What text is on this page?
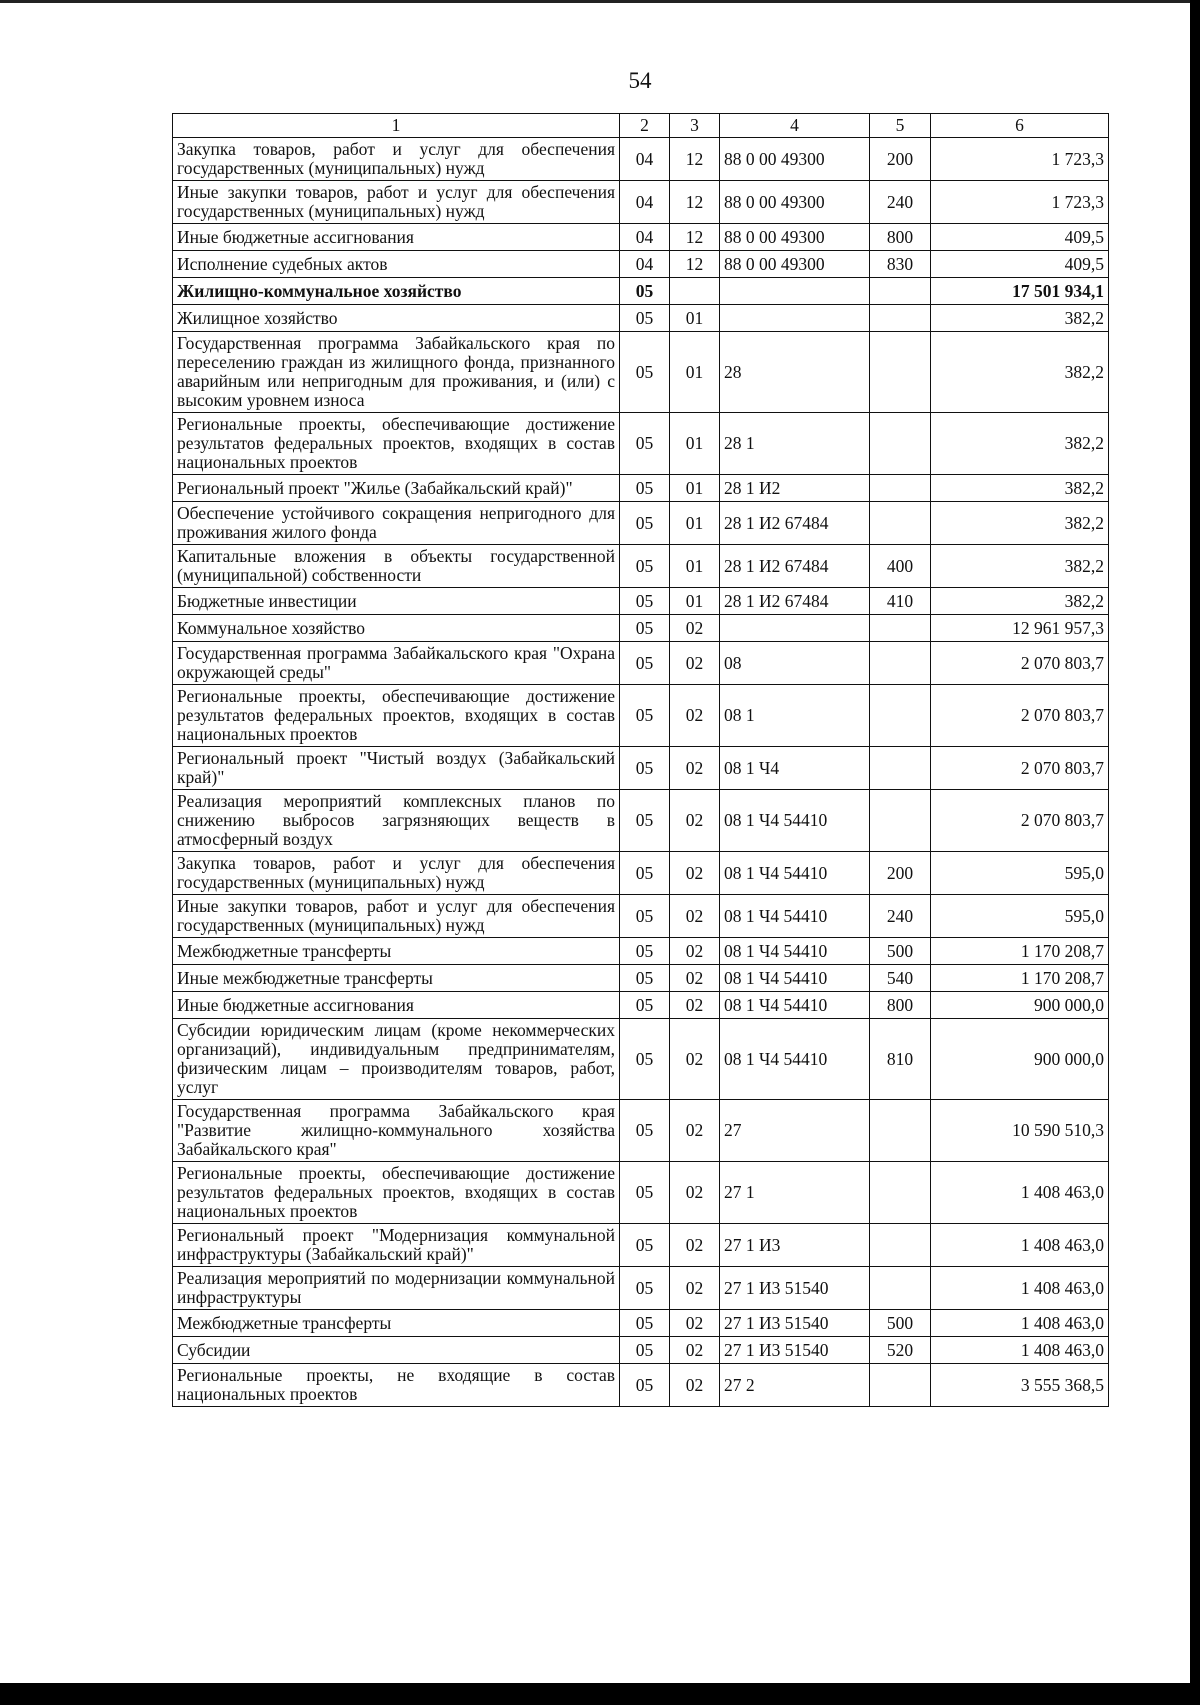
54
1	2	3	4	5	6
Закупка товаров, работ и услуг для обеспечения государственных (муниципальных) нужд	04	12	88 0 00 49300	200	1 723,3
Иные закупки товаров, работ и услуг для обеспечения государственных (муниципальных) нужд	04	12	88 0 00 49300	240	1 723,3
Иные бюджетные ассигнования	04	12	88 0 00 49300	800	409,5
Исполнение судебных актов	04	12	88 0 00 49300	830	409,5
Жилищно-коммунальное хозяйство	05				17 501 934,1
Жилищное хозяйство	05	01			382,2
Государственная программа Забайкальского края по переселению граждан из жилищного фонда, признанного аварийным или непригодным для проживания, и (или) с высоким уровнем износа	05	01	28		382,2
Региональные проекты, обеспечивающие достижение результатов федеральных проектов, входящих в состав национальных проектов	05	01	28 1		382,2
Региональный проект "Жилье (Забайкальский край)"	05	01	28 1 И2		382,2
Обеспечение устойчивого сокращения непригодного для проживания жилого фонда	05	01	28 1 И2 67484		382,2
Капитальные вложения в объекты государственной (муниципальной) собственности	05	01	28 1 И2 67484	400	382,2
Бюджетные инвестиции	05	01	28 1 И2 67484	410	382,2
Коммунальное хозяйство	05	02			12 961 957,3
Государственная программа Забайкальского края "Охрана окружающей среды"	05	02	08		2 070 803,7
Региональные проекты, обеспечивающие достижение результатов федеральных проектов, входящих в состав национальных проектов	05	02	08 1		2 070 803,7
Региональный проект "Чистый воздух (Забайкальский край)"	05	02	08 1 Ч4		2 070 803,7
Реализация мероприятий комплексных планов по снижению выбросов загрязняющих веществ в атмосферный воздух	05	02	08 1 Ч4 54410		2 070 803,7
Закупка товаров, работ и услуг для обеспечения государственных (муниципальных) нужд	05	02	08 1 Ч4 54410	200	595,0
Иные закупки товаров, работ и услуг для обеспечения государственных (муниципальных) нужд	05	02	08 1 Ч4 54410	240	595,0
Межбюджетные трансферты	05	02	08 1 Ч4 54410	500	1 170 208,7
Иные межбюджетные трансферты	05	02	08 1 Ч4 54410	540	1 170 208,7
Иные бюджетные ассигнования	05	02	08 1 Ч4 54410	800	900 000,0
Субсидии юридическим лицам (кроме некоммерческих организаций), индивидуальным предпринимателям, физическим лицам – производителям товаров, работ, услуг	05	02	08 1 Ч4 54410	810	900 000,0
Государственная программа Забайкальского края "Развитие жилищно-коммунального хозяйства Забайкальского края"	05	02	27		10 590 510,3
Региональные проекты, обеспечивающие достижение результатов федеральных проектов, входящих в состав национальных проектов	05	02	27 1		1 408 463,0
Региональный проект "Модернизация коммунальной инфраструктуры (Забайкальский край)"	05	02	27 1 И3		1 408 463,0
Реализация мероприятий по модернизации коммунальной инфраструктуры	05	02	27 1 И3 51540		1 408 463,0
Межбюджетные трансферты	05	02	27 1 И3 51540	500	1 408 463,0
Субсидии	05	02	27 1 И3 51540	520	1 408 463,0
Региональные проекты, не входящие в состав национальных проектов	05	02	27 2		3 555 368,5
